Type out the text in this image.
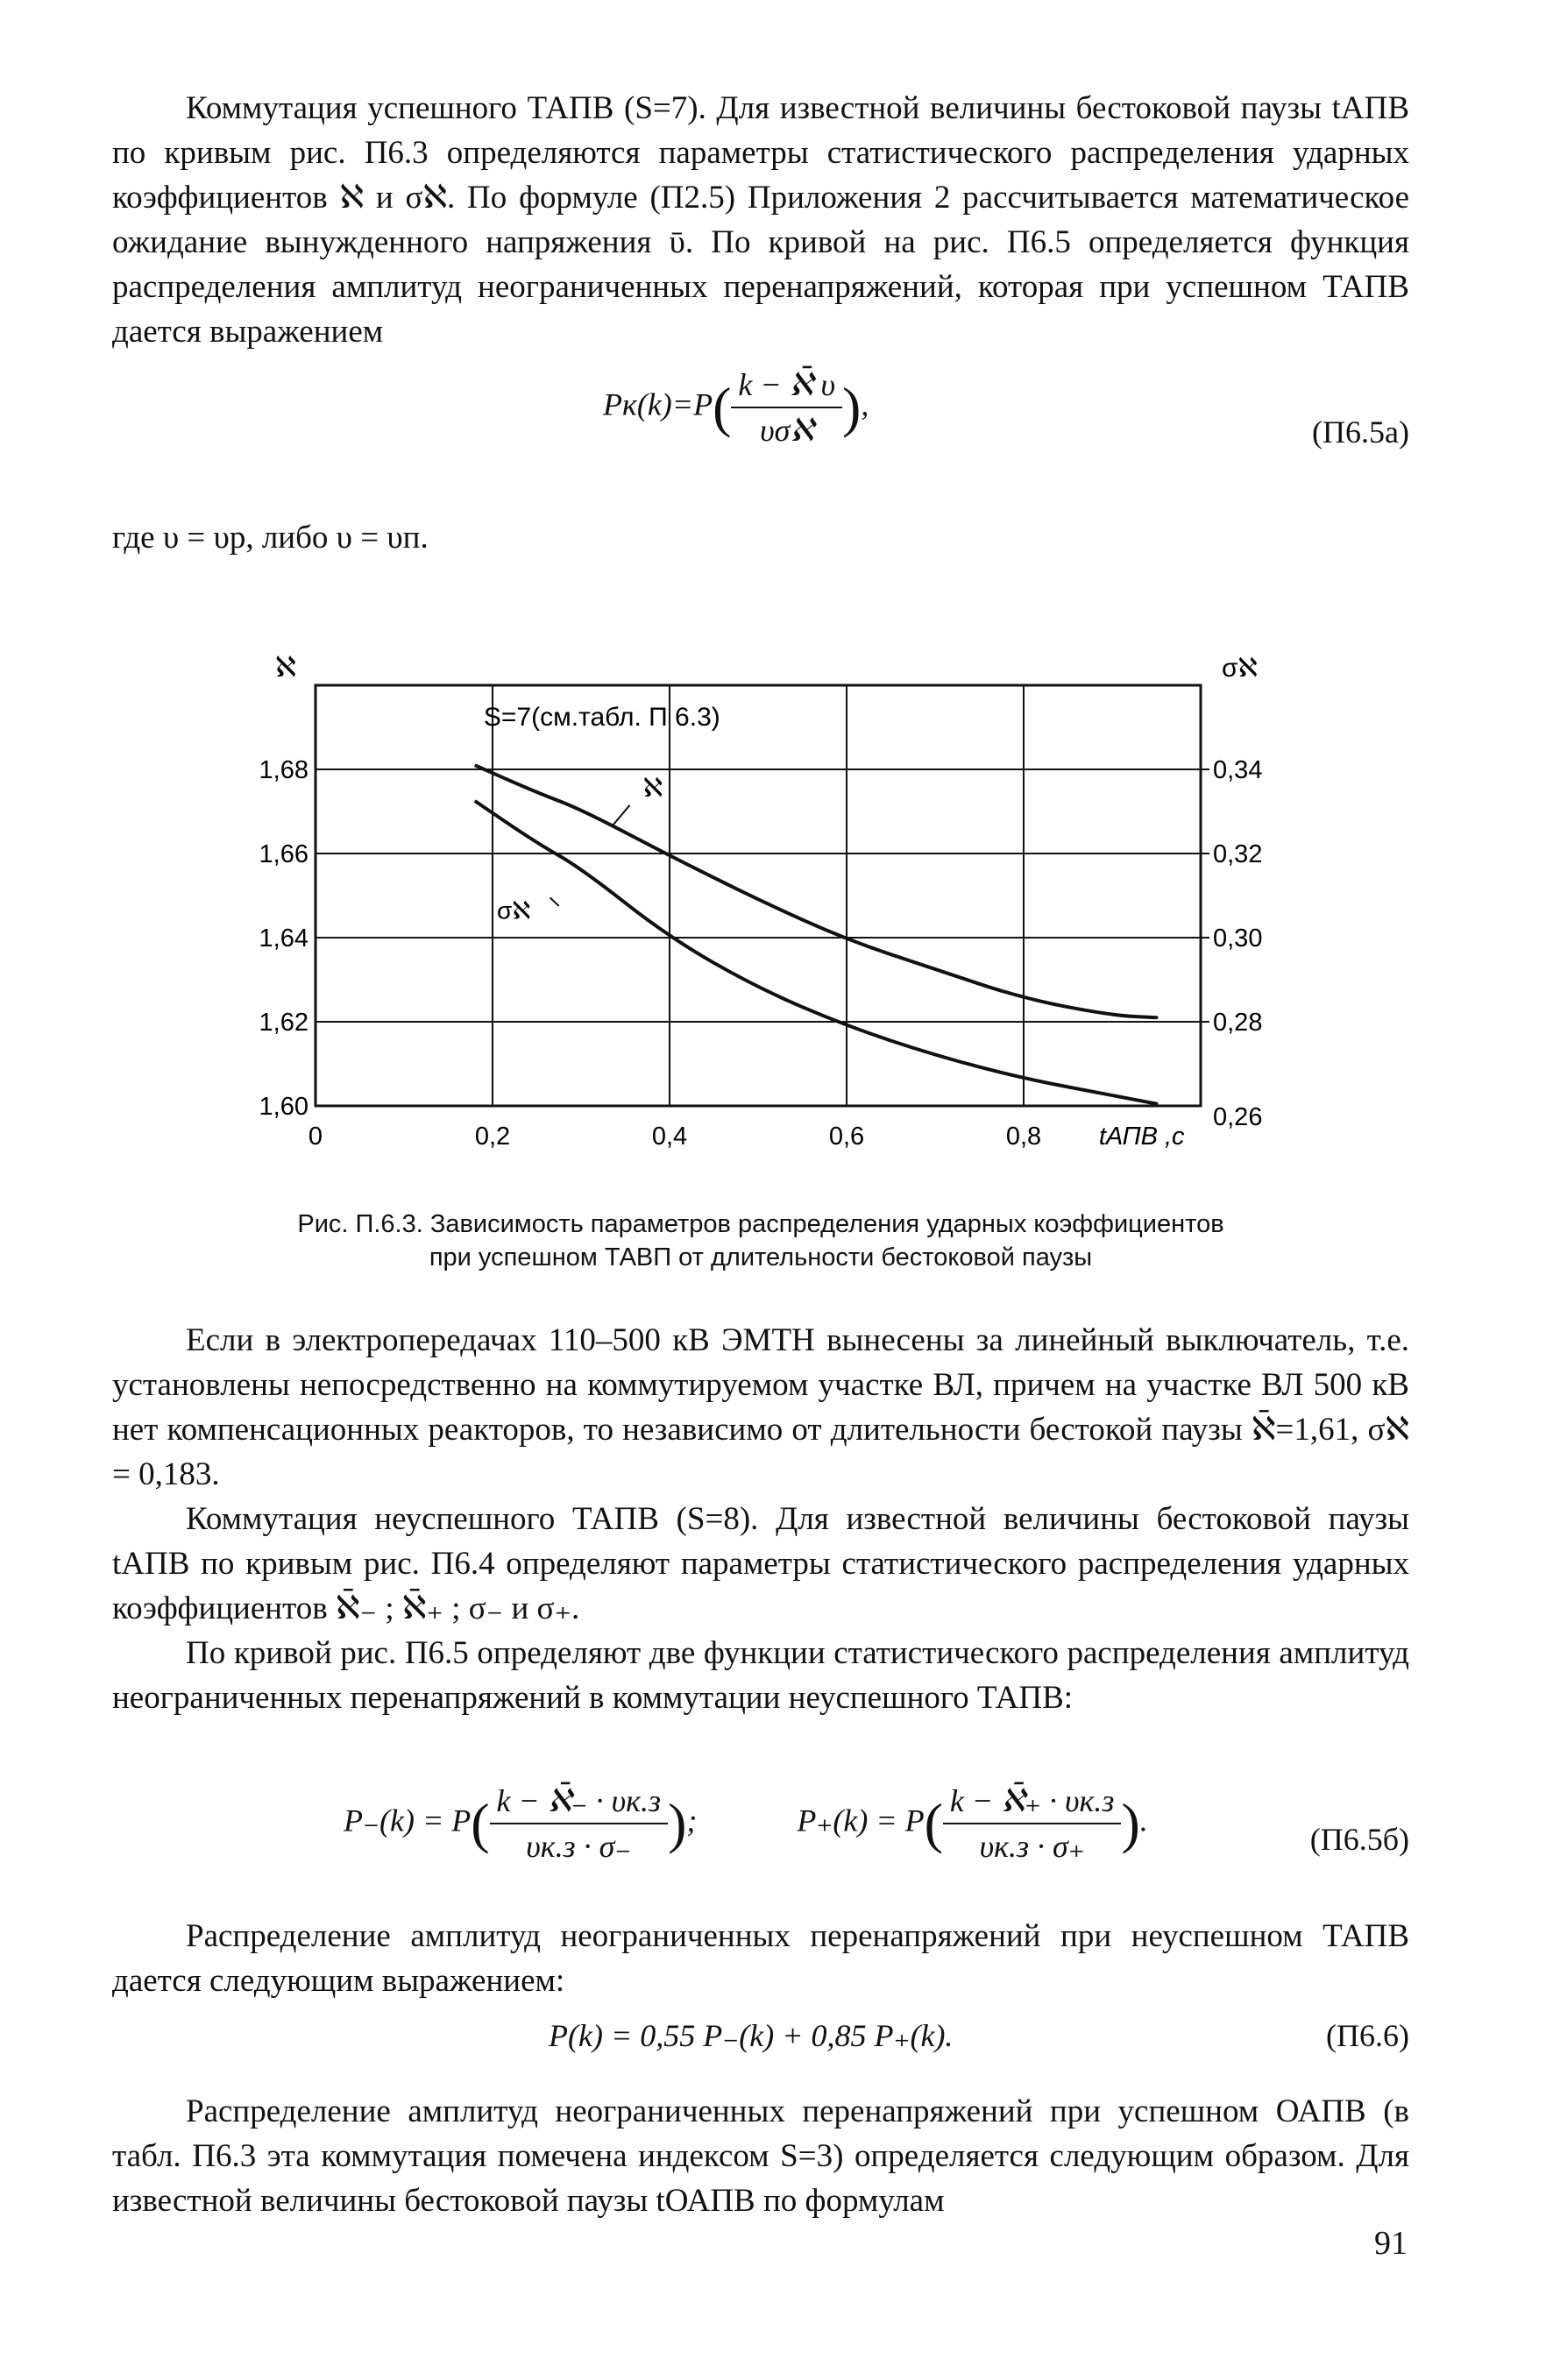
Коммутация успешного ТАПВ (S=7). Для известной величины бестоковой паузы tАПВ по кривым рис. П6.3 определяются параметры статистического распределения ударных коэффициентов ℵ и σℵ. По формуле (П2.5) Приложения 2 рассчитывается математическое ожидание вынужденного напряжения ῡ. По кривой на рис. П6.5 определяется функция распределения амплитуд неограниченных перенапряжений, которая при успешном ТАПВ дается выражением

$Pк(k)=P( \frac{\text{k − ℵ̄ υ}}{\text{υσℵ}}$ ),
(П6.5а)

где υ = υр, либо υ = υп.

ℵ
σℵ
S=7(см.табл. П 6.3)
ℵ	σℵ
1,60
1,62
1,64
1,66
1,68
0,26
0,28
0,30
0,32
0,34
0	0,2	0,4	0,6	0,8 tАПВ ,c
Рис. П.6.3. Зависимость параметров распределения ударных коэффициентов
при успешном ТАВП от длительности бестоковой паузы

Если в электропередачах 110–500 кВ ЭМТН вынесены за линейный выключатель, т.е. установлены непосредственно на коммутируемом участке ВЛ, причем на участке ВЛ 500 кВ нет компенсационных реакторов, то независимо от длительности бестокой паузы ℵ̄=1,61, σℵ = 0,183.

Коммутация неуспешного ТАПВ (S=8). Для известной величины бестоковой паузы tАПВ по кривым рис. П6.4 определяют параметры статистического распределения ударных коэффициентов ℵ̄₋ ; ℵ̄₊ ; σ₋ и σ₊.

По кривой рис. П6.5 определяют две функции статистического распределения амплитуд неограниченных перенапряжений в коммутации неуспешного ТАПВ:

$P_-(k) = P( \frac{\text{k − ℵ̄₋ · υк.з}}{\upsilon к.з \cdot \sigma_-}$ );	$P_+(k) = P( \frac{\text{k − ℵ̄₊ · υк.з}}{\upsilon к.з \cdot \sigma_+}$ ).
(П6.5б)

Распределение амплитуд неограниченных перенапряжений при неуспешном ТАПВ дается следующим выражением:

P(k) = 0,55 P₋(k) + 0,85 P₊(k).	(П6.6)

Распределение амплитуд неограниченных перенапряжений при успешном ОАПВ (в табл. П6.3 эта коммутация помечена индексом S=3) определяется следующим образом. Для известной величины бестоковой паузы tОАПВ по формулам

91
